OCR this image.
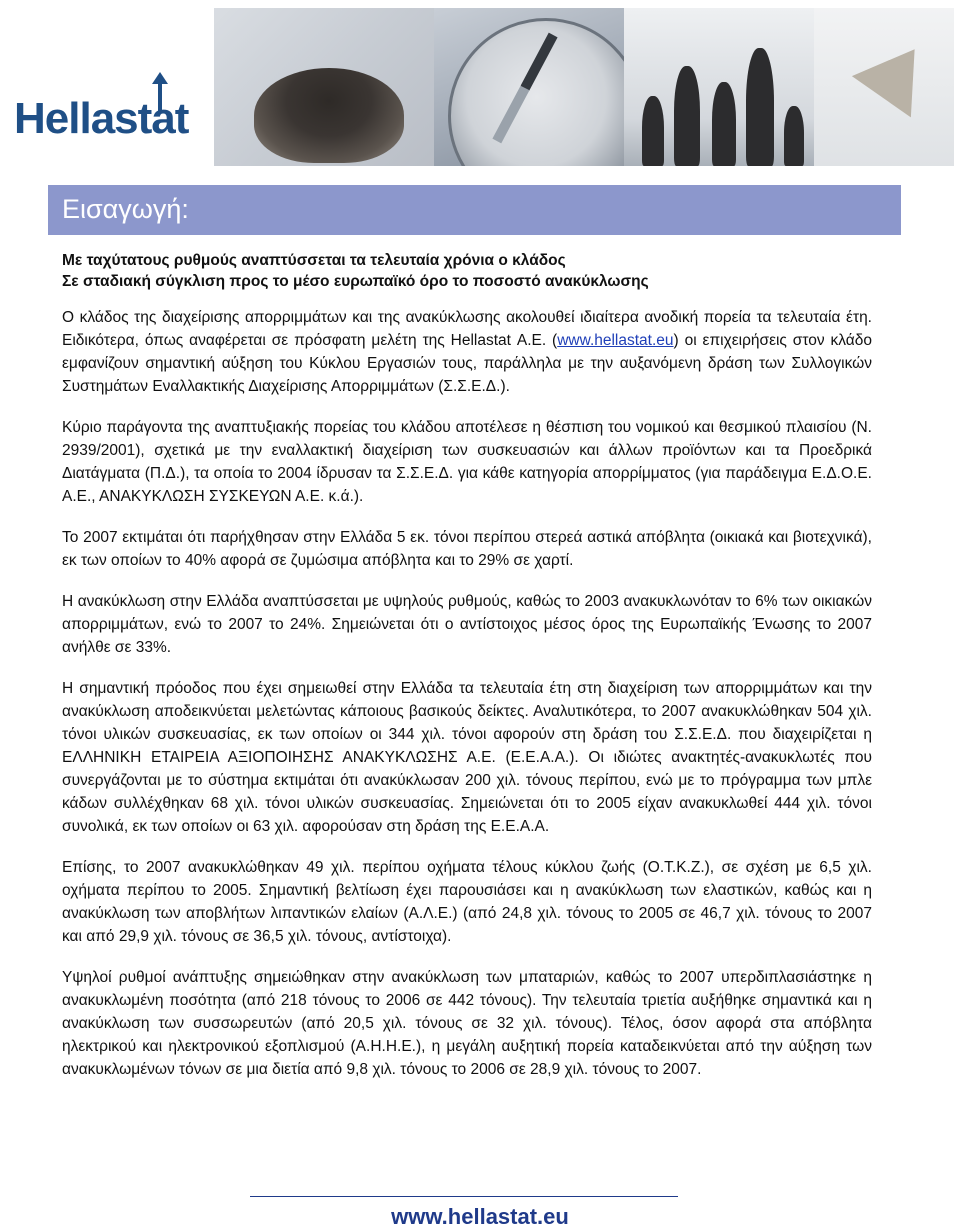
Hellastat
Εισαγωγή:
Με ταχύτατους ρυθμούς αναπτύσσεται τα τελευταία χρόνια ο κλάδος
Σε σταδιακή σύγκλιση προς το μέσο ευρωπαϊκό όρο το ποσοστό ανακύκλωσης

Ο κλάδος της διαχείρισης απορριμμάτων και της ανακύκλωσης ακολουθεί ιδιαίτερα ανοδική πορεία τα τελευταία έτη. Ειδικότερα, όπως αναφέρεται σε πρόσφατη μελέτη της Hellastat Α.Ε. (www.hellastat.eu) οι επιχειρήσεις στον κλάδο εμφανίζουν σημαντική αύξηση του Κύκλου Εργασιών τους, παράλληλα με την αυξανόμενη δράση των Συλλογικών Συστημάτων Εναλλακτικής Διαχείρισης Απορριμμάτων (Σ.Σ.Ε.Δ.).

Κύριο παράγοντα της αναπτυξιακής πορείας του κλάδου αποτέλεσε η θέσπιση του νομικού και θεσμικού πλαισίου (Ν. 2939/2001), σχετικά με την εναλλακτική διαχείριση των συσκευασιών και άλλων προϊόντων και τα Προεδρικά Διατάγματα (Π.Δ.), τα οποία το 2004 ίδρυσαν τα Σ.Σ.Ε.Δ. για κάθε κατηγορία απορρίμματος (για παράδειγμα Ε.Δ.Ο.Ε. Α.Ε., ΑΝΑΚΥΚΛΩΣΗ ΣΥΣΚΕΥΩΝ Α.Ε. κ.ά.).

Το 2007 εκτιμάται ότι παρήχθησαν στην Ελλάδα 5 εκ. τόνοι περίπου στερεά αστικά απόβλητα (οικιακά και βιοτεχνικά), εκ των οποίων το 40% αφορά σε ζυμώσιμα απόβλητα και το 29% σε χαρτί.

Η ανακύκλωση στην Ελλάδα αναπτύσσεται με υψηλούς ρυθμούς, καθώς το 2003 ανακυκλωνόταν το 6% των οικιακών απορριμμάτων, ενώ το 2007 το 24%. Σημειώνεται ότι ο αντίστοιχος μέσος όρος της Ευρωπαϊκής Ένωσης το 2007 ανήλθε σε 33%.

Η σημαντική πρόοδος που έχει σημειωθεί στην Ελλάδα τα τελευταία έτη στη διαχείριση των απορριμμάτων και την ανακύκλωση αποδεικνύεται μελετώντας κάποιους βασικούς δείκτες. Αναλυτικότερα, το 2007 ανακυκλώθηκαν 504 χιλ. τόνοι υλικών συσκευασίας, εκ των οποίων οι 344 χιλ. τόνοι αφορούν στη δράση του Σ.Σ.Ε.Δ. που διαχειρίζεται η ΕΛΛΗΝΙΚΗ ΕΤΑΙΡΕΙΑ ΑΞΙΟΠΟΙΗΣΗΣ ΑΝΑΚΥΚΛΩΣΗΣ Α.Ε. (Ε.Ε.Α.Α.). Οι ιδιώτες ανακτητές-ανακυκλωτές που συνεργάζονται με το σύστημα εκτιμάται ότι ανακύκλωσαν 200 χιλ. τόνους περίπου, ενώ με το πρόγραμμα των μπλε κάδων συλλέχθηκαν 68 χιλ. τόνοι υλικών συσκευασίας. Σημειώνεται ότι το 2005 είχαν ανακυκλωθεί 444 χιλ. τόνοι συνολικά, εκ των οποίων οι 63 χιλ. αφορούσαν στη δράση της Ε.Ε.Α.Α.

Επίσης, το 2007 ανακυκλώθηκαν 49 χιλ. περίπου οχήματα τέλους κύκλου ζωής (Ο.Τ.Κ.Ζ.), σε σχέση με 6,5 χιλ. οχήματα περίπου το 2005. Σημαντική βελτίωση έχει παρουσιάσει και η ανακύκλωση των ελαστικών, καθώς και η ανακύκλωση των αποβλήτων λιπαντικών ελαίων (Α.Λ.Ε.) (από 24,8 χιλ. τόνους το 2005 σε 46,7 χιλ. τόνους το 2007 και από 29,9 χιλ. τόνους σε 36,5 χιλ. τόνους, αντίστοιχα).

Υψηλοί ρυθμοί ανάπτυξης σημειώθηκαν στην ανακύκλωση των μπαταριών, καθώς το 2007 υπερδιπλασιάστηκε η ανακυκλωμένη ποσότητα (από 218 τόνους το 2006 σε 442 τόνους). Την τελευταία τριετία αυξήθηκε σημαντικά και η ανακύκλωση των συσσωρευτών (από 20,5 χιλ. τόνους σε 32 χιλ. τόνους). Τέλος, όσον αφορά στα απόβλητα ηλεκτρικού και ηλεκτρονικού εξοπλισμού (Α.Η.Η.Ε.), η μεγάλη αυξητική πορεία καταδεικνύεται από την αύξηση των ανακυκλωμένων τόνων σε μια διετία από 9,8 χιλ. τόνους το 2006 σε 28,9 χιλ. τόνους το 2007.

www.hellastat.eu
